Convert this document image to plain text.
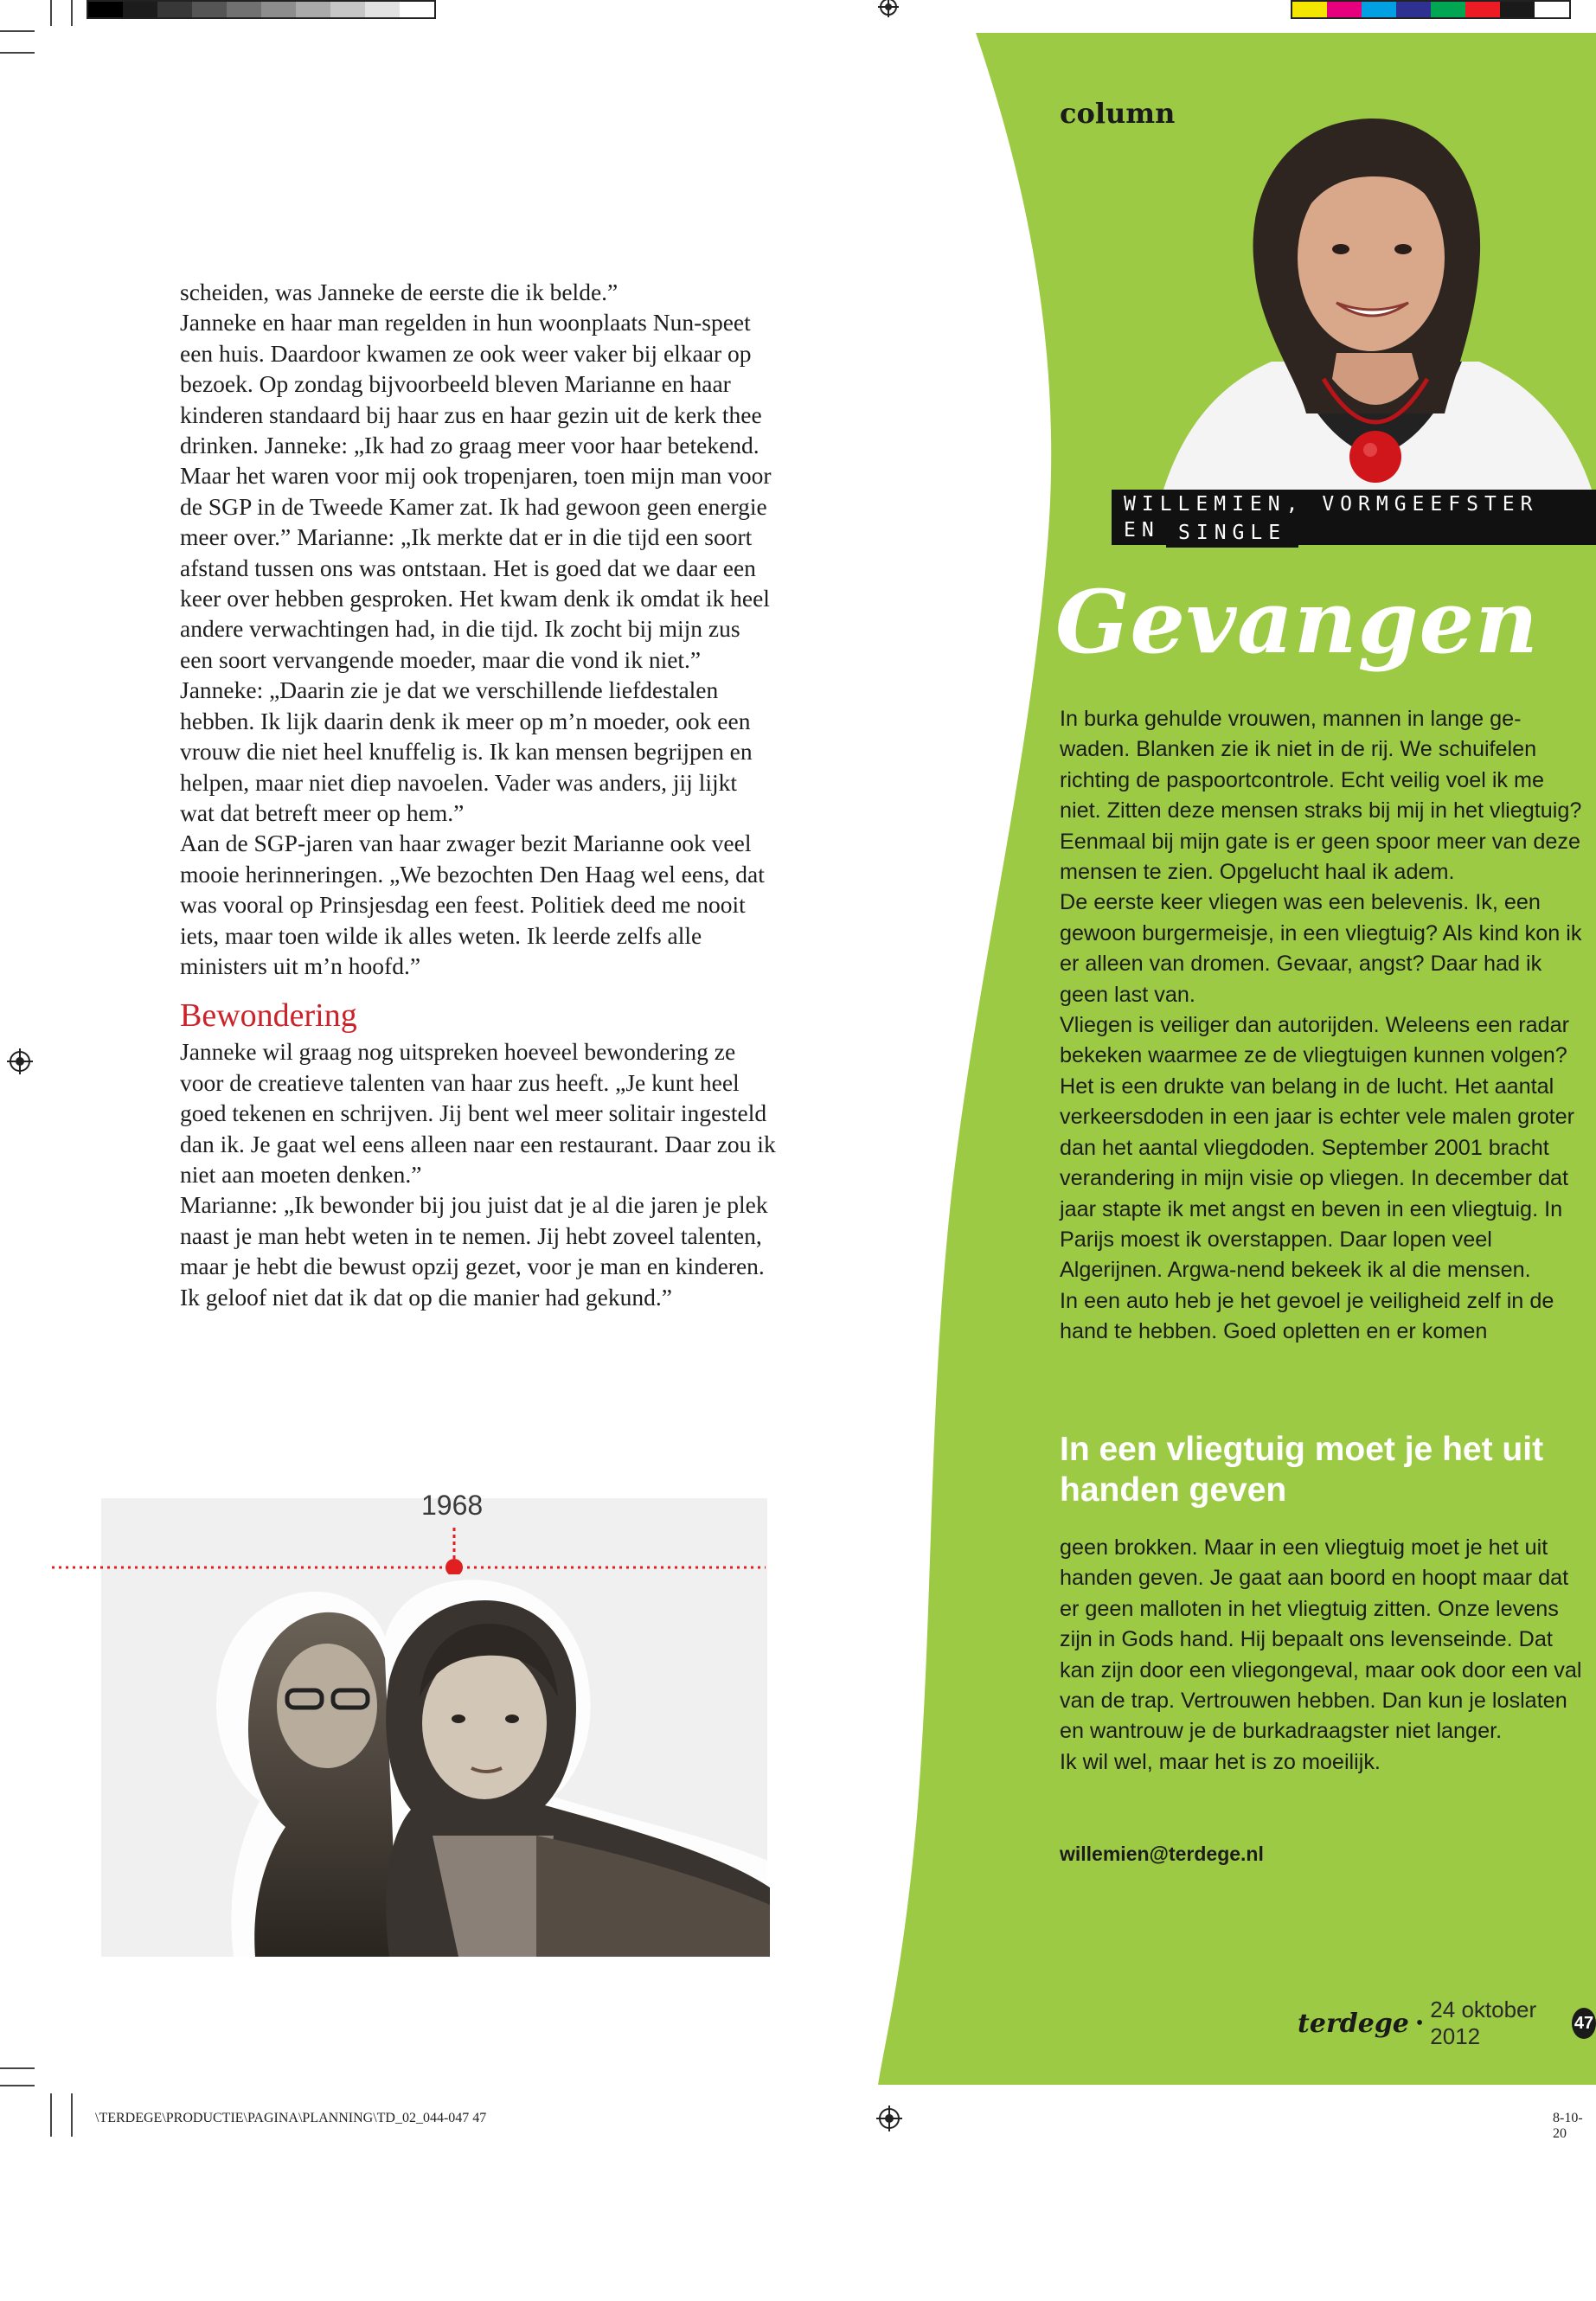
scheiden, was Janneke de eerste die ik belde.”

Janneke en haar man regelden in hun woonplaats Nun-speet een huis. Daardoor kwamen ze ook weer vaker bij elkaar op bezoek. Op zondag bijvoorbeeld bleven Marianne en haar kinderen standaard bij haar zus en haar gezin uit de kerk thee drinken. Janneke: „Ik had zo graag meer voor haar betekend. Maar het waren voor mij ook tropenjaren, toen mijn man voor de SGP in de Tweede Kamer zat. Ik had gewoon geen energie meer over.” Marianne: „Ik merkte dat er in die tijd een soort afstand tussen ons was ontstaan. Het is goed dat we daar een keer over hebben gesproken. Het kwam denk ik omdat ik heel andere verwachtingen had, in die tijd. Ik zocht bij mijn zus een soort vervangende moeder, maar die vond ik niet.”

Janneke: „Daarin zie je dat we verschillende liefdestalen hebben. Ik lijk daarin denk ik meer op m’n moeder, ook een vrouw die niet heel knuffelig is. Ik kan mensen begrijpen en helpen, maar niet diep navoelen. Vader was anders, jij lijkt wat dat betreft meer op hem.”

Aan de SGP-jaren van haar zwager bezit Marianne ook veel mooie herinneringen. „We bezochten Den Haag wel eens, dat was vooral op Prinsjesdag een feest. Politiek deed me nooit iets, maar toen wilde ik alles weten. Ik leerde zelfs alle ministers uit m’n hoofd.”

Bewondering

Janneke wil graag nog uitspreken hoeveel bewondering ze voor de creatieve talenten van haar zus heeft. „Je kunt heel goed tekenen en schrijven. Jij bent wel meer solitair ingesteld dan ik. Je gaat wel eens alleen naar een restaurant. Daar zou ik niet aan moeten denken.”

Marianne: „Ik bewonder bij jou juist dat je al die jaren je plek naast je man hebt weten in te nemen. Jij hebt zoveel talenten, maar je hebt die bewust opzij gezet, voor je man en kinderen. Ik geloof niet dat ik dat op die manier had gekund.”

1968
column
WILLEMIEN, VORMGEEFSTER EN SINGLE
Gevangen

In burka gehulde vrouwen, mannen in lange ge-waden. Blanken zie ik niet in de rij. We schuifelen richting de paspoortcontrole. Echt veilig voel ik me niet. Zitten deze mensen straks bij mij in het vliegtuig? Eenmaal bij mijn gate is er geen spoor meer van deze mensen te zien. Opgelucht haal ik adem.

De eerste keer vliegen was een belevenis. Ik, een gewoon burgermeisje, in een vliegtuig? Als kind kon ik er alleen van dromen. Gevaar, angst? Daar had ik geen last van.

Vliegen is veiliger dan autorijden. Weleens een radar bekeken waarmee ze de vliegtuigen kunnen volgen? Het is een drukte van belang in de lucht. Het aantal verkeersdoden in een jaar is echter vele malen groter dan het aantal vliegdoden. September 2001 bracht verandering in mijn visie op vliegen. In december dat jaar stapte ik met angst en beven in een vliegtuig. In Parijs moest ik overstappen. Daar lopen veel Algerijnen. Argwa-nend bekeek ik al die mensen.

In een auto heb je het gevoel je veiligheid zelf in de hand te hebben. Goed opletten en er komen

In een vliegtuig moet je het uit handen geven

geen brokken. Maar in een vliegtuig moet je het uit handen geven. Je gaat aan boord en hoopt maar dat er geen malloten in het vliegtuig zitten. Onze levens zijn in Gods hand. Hij bepaalt ons levenseinde. Dat kan zijn door een vliegongeval, maar ook door een val van de trap. Vertrouwen hebben. Dan kun je loslaten en wantrouw je de burkadraagster niet langer.

Ik wil wel, maar het is zo moeilijk.

willemien@terdege.nl
terdege •
24 oktober 2012
47
\TERDEGE\PRODUCTIE\PAGINA\PLANNING\TD_02_044-047 47	8-10-20
